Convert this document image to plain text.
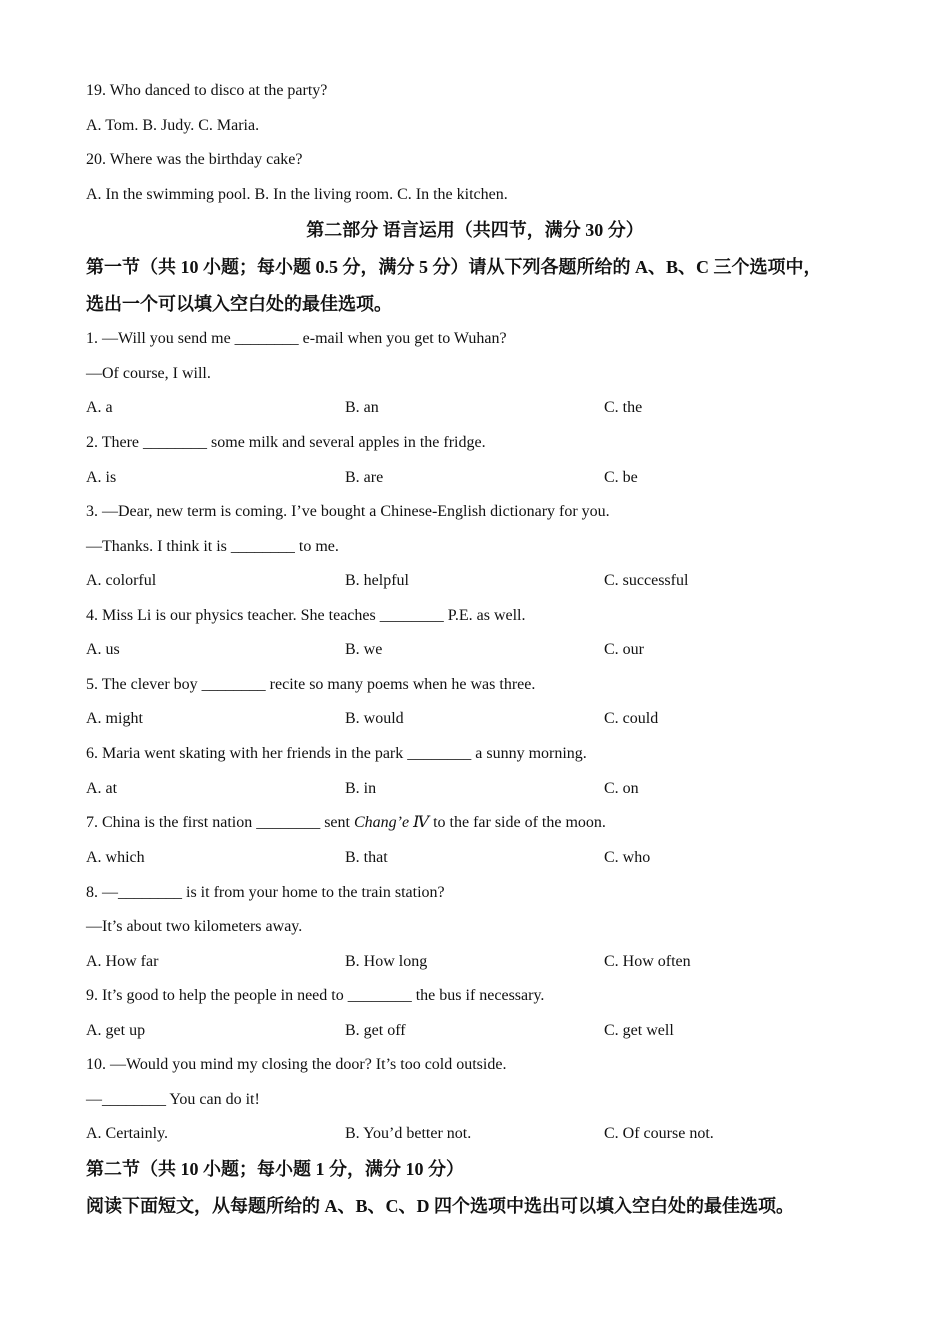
19. Who danced to disco at the party?
A. Tom. B. Judy. C. Maria.
20. Where was the birthday cake?
A. In the swimming pool. B. In the living room. C. In the kitchen.
第二部分 语言运用（共四节，满分 30 分）
第一节（共 10 小题；每小题 0.5 分，满分 5 分）请从下列各题所给的 A、B、C 三个选项中，
选出一个可以填入空白处的最佳选项。
1. —Will you send me ________ e-mail when you get to Wuhan?
—Of course, I will.
A. a	B. an	C. the
2. There ________ some milk and several apples in the fridge.
A. is	B. are	C. be
3. —Dear, new term is coming. I’ve bought a Chinese-English dictionary for you.
—Thanks. I think it is ________ to me.
A. colorful	B. helpful	C. successful
4. Miss Li is our physics teacher. She teaches ________ P.E. as well.
A. us	B. we	C. our
5. The clever boy ________ recite so many poems when he was three.
A. might	B. would	C. could
6. Maria went skating with her friends in the park ________ a sunny morning.
A. at	B. in	C. on
7. China is the first nation ________ sent Chang’e Ⅳ to the far side of the moon.
A. which	B. that	C. who
8. —________ is it from your home to the train station?
—It’s about two kilometers away.
A. How far	B. How long	C. How often
9. It’s good to help the people in need to ________ the bus if necessary.
A. get up	B. get off	C. get well
10. —Would you mind my closing the door? It’s too cold outside.
—________ You can do it!
A. Certainly.	B. You’d better not.	C. Of course not.
第二节（共 10 小题；每小题 1 分，满分 10 分）
阅读下面短文，从每题所给的 A、B、C、D 四个选项中选出可以填入空白处的最佳选项。
